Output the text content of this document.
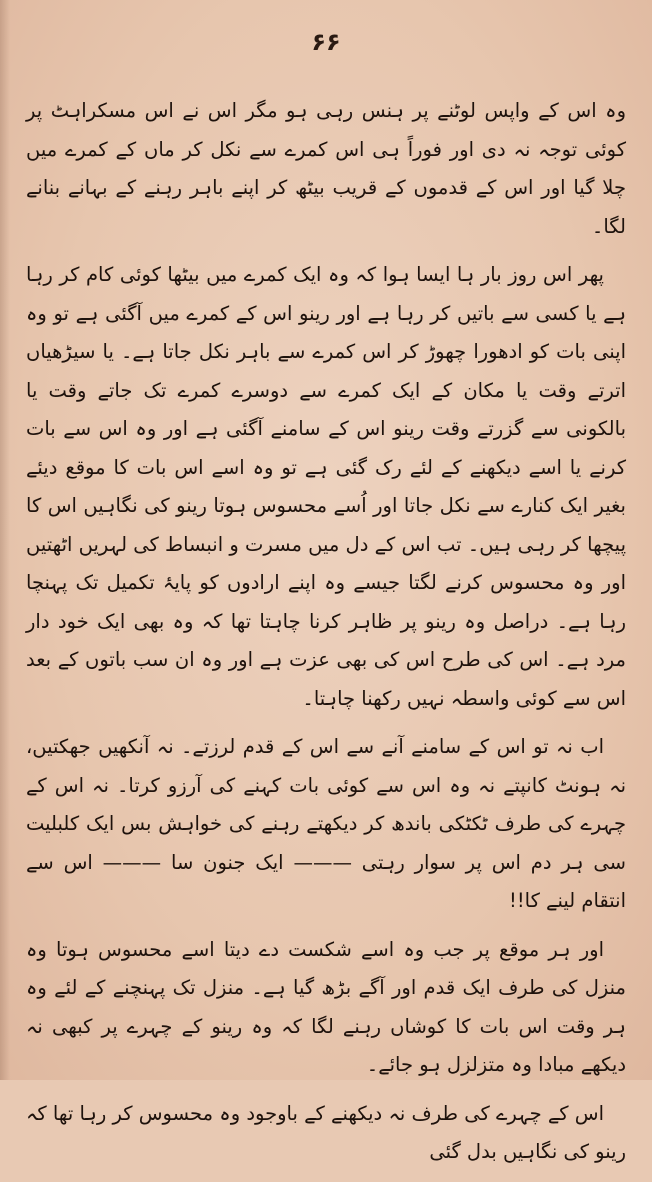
۶۶

وہ اس کے واپس لوٹنے پر ہنس رہی ہو مگر اس نے اس مسکراہٹ پر کوئی توجہ نہ دی اور فوراً ہی اس کمرے سے نکل کر ماں کے کمرے میں چلا گیا اور اس کے قدموں کے قریب بیٹھ کر اپنے باہر رہنے کے بہانے بنانے لگا۔

پھر اس روز بار ہا ایسا ہوا کہ وہ ایک کمرے میں بیٹھا کوئی کام کر رہا ہے یا کسی سے باتیں کر رہا ہے اور رینو اس کے کمرے میں آگئی ہے تو وہ اپنی بات کو ادھورا چھوڑ کر اس کمرے سے باہر نکل جاتا ہے۔ یا سیڑھیاں اترتے وقت یا مکان کے ایک کمرے سے دوسرے کمرے تک جاتے وقت یا بالکونی سے گزرتے وقت رینو اس کے سامنے آگئی ہے اور وہ اس سے بات کرنے یا اسے دیکھنے کے لئے رک گئی ہے تو وہ اسے اس بات کا موقع دیئے بغیر ایک کنارے سے نکل جاتا اور اُسے محسوس ہوتا رینو کی نگاہیں اس کا پیچھا کر رہی ہیں۔ تب اس کے دل میں مسرت و انبساط کی لہریں اٹھتیں اور وہ محسوس کرنے لگتا جیسے وہ اپنے ارادوں کو پایۂ تکمیل تک پہنچا رہا ہے۔ دراصل وہ رینو پر ظاہر کرنا چاہتا تھا کہ وہ بھی ایک خود دار مرد ہے۔ اس کی طرح اس کی بھی عزت ہے اور وہ ان سب باتوں کے بعد اس سے کوئی واسطہ نہیں رکھنا چاہتا۔

اب نہ تو اس کے سامنے آنے سے اس کے قدم لرزتے۔ نہ آنکھیں جھکتیں، نہ ہونٹ کانپتے نہ وہ اس سے کوئی بات کہنے کی آرزو کرتا۔ نہ اس کے چہرے کی طرف ٹکٹکی باندھ کر دیکھتے رہنے کی خواہش بس ایک کلبلیت سی ہر دم اس پر سوار رہتی ——— ایک جنون سا ——— اس سے انتقام لینے کا!!

اور ہر موقع پر جب وہ اسے شکست دے دیتا اسے محسوس ہوتا وہ منزل کی طرف ایک قدم اور آگے بڑھ گیا ہے۔ منزل تک پہنچنے کے لئے وہ ہر وقت اس بات کا کوشاں رہنے لگا کہ وہ رینو کے چہرے پر کبھی نہ دیکھے مبادا وہ متزلزل ہو جائے۔

اس کے چہرے کی طرف نہ دیکھنے کے باوجود وہ محسوس کر رہا تھا کہ رینو کی نگاہیں بدل گئی
